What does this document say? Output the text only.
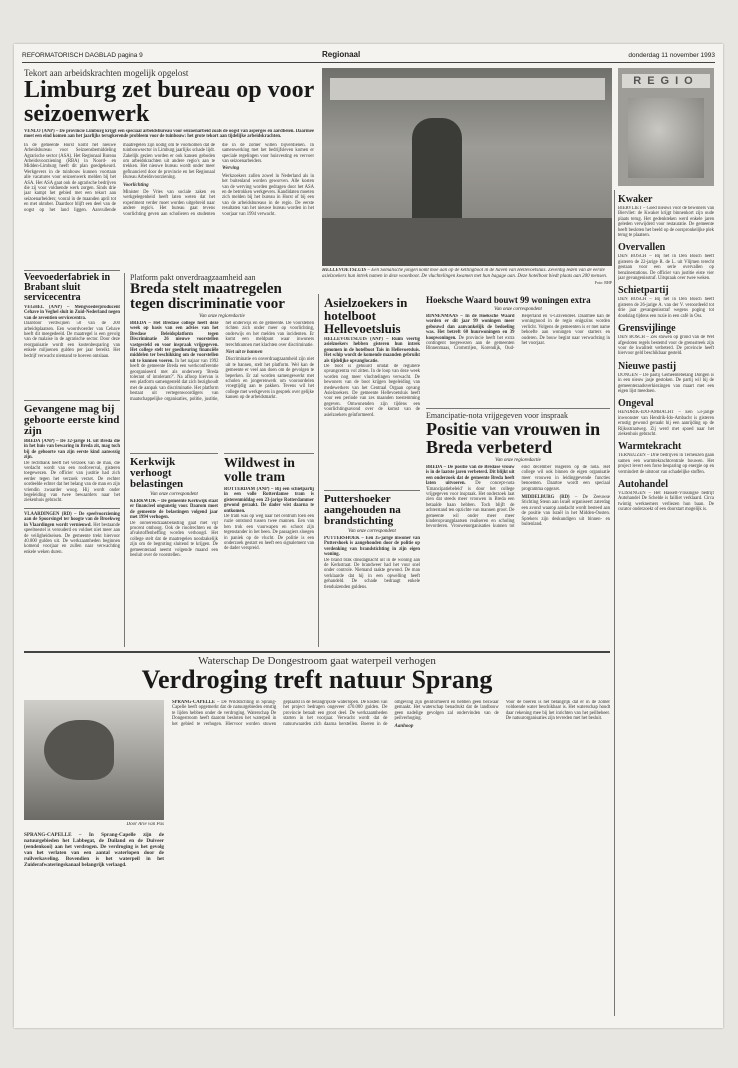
REFORMATORISCH DAGBLAD pagina 9	Regionaal	donderdag 11 november 1993
Tekort aan arbeidskrachten mogelijk opgelost
Limburg zet bureau op voor seizoenwerk
VENLO (ANP) – De provincie Limburg krijgt een speciaal arbeidsbureau voor seizoenarbeid zoals de oogst van asperges en aardbeien. Daarmee moet een eind komen aan het jaarlijks terugkerende probleem voor de tuinbouw: het grote tekort aan tijdelijke arbeidskrachten.
In de gemeente Horst komt het nieuwe Arbeidsbureau voor Seizoensbemiddeling Agrarische sector (ASA). Het Regionaal Bureau Arbeidsvoorziening (RBA) in Noord- en Midden-Limburg heeft dit plan goedgekeurd. Werkgevers in de tuinbouw kunnen voortaan alle vacatures voor seizoenwerk melden bij het ASA. Het ASA gaat ook de agrarische bedrijven die zij voor voldoende werk zorgen. Sinds drie jaar kampt het gebied met een tekort aan seizoenarbeiders; vooral in de maanden april tot en met oktober. Daardoor blijft een deel van de oogst op het land liggen. Aanvullende maatregelen zijn nodig om te voorkomen dat de tuinbouwsector in Limburg jaarlijks schade lijdt. Zakelijk gezien worden er ook kansen geboden om arbeidskrachten uit andere regio's aan te trekken. Het nieuwe bureau wordt onder meer gefinancierd door de provincie en het Regionaal Bureau Arbeidsvoorziening.
Voorlichting
Minister De Vries van sociale zaken en werkgelegenheid heeft laten weten dat het experiment verder moet worden uitgebreid naar andere regio's. Het bureau gaat tevens voorlichting geven aan scholieren en studenten die in de zomer willen bijverdienen. In samenwerking met het bedrijfsleven komen er speciale regelingen voor huisvesting en vervoer van seizoenarbeiders.
Werving
Werkzoekers zullen zowel in Nederland als in het buitenland worden geworven. Alle kosten van de werving worden gedragen door het ASA en de betrokken werkgevers. Kandidaten moeten zich melden bij het bureau in Horst of bij een van de arbeidsbureaus in de regio. De eerste resultaten van het nieuwe bureau worden in het voorjaar van 1994 verwacht.
HELLEVOETSLUIS – Een Somalische jongen komt moe aan op de kettingboot in de haven van Hellevoetsluis. Zeventig leden van de eerste asielzoekers hun intrek namen in deze woonboot. De vluchtelingen kwamen met hun bagage aan. Deze hotelboot biedt plaats aan 200 mensen.
Foto: RHP
REGIO
Kwaker
BIERVLIET – Goed nieuws voor de bewoners van Biervliet: de Kwaker krijgt binnenkort zijn oude plaats terug. Het gedenkteken werd enkele jaren geleden verwijderd voor restauratie. De gemeente heeft besloten het beeld op de oorspronkelijke plek terug te plaatsen.
Overvallen
DEN BOSCH – Bij het in Den Bosch heeft gisteren de 22-jarige R. de L. uit Vlijmen terecht gestaan voor een serie overvallen op benzinestations. De officier van justitie eiste vier jaar gevangenisstraf. Uitspraak over twee weken.
Schietpartij
DEN BOSCH – Bij het in Den Bosch heeft gisteren de 26-jarige A. van der V. veroordeeld tot drie jaar gevangenisstraf wegens poging tot doodslag tijdens een ruzie in een café in Oss.
Grensvijlinge
DEN BOSCH – Zes stuwen op grond van de Wet afgesloten regels bestemd voor de grensstreek zijn voor de kwaliteit verbeterd. De provincie heeft hiervoor geld beschikbaar gesteld.
Nieuwe pastij
DONGEN – De pastij Gemeentebelang Dongen is in een nieuw jasje gestoken. De partij wil bij de gemeenteraadsverkiezingen van maart met een eigen lijst meedoen.
Ongeval
HENDRIK-IDO-AMBACHT – Een 53-jarige inwoonster van Hendrik-Ido-Ambacht is gisteren ernstig gewond geraakt bij een aanrijding op de Rijksstraatweg. Zij werd met spoed naar het ziekenhuis gebracht.
Warmtekracht
TERNEUZEN – Drie bedrijven in Terneuzen gaan samen een warmtekrachtcentrale bouwen. Het project levert een forse besparing op energie op en vermindert de uitstoot van schadelijke stoffen.
Autohandel
VLISSINGEN – Het Hasselt-Vlissingse bedrijf Autohandel De Schelde is failliet verklaard. Circa twintig werknemers verliezen hun baan. De curator onderzoekt of een doorstart mogelijk is.
Veevoederfabriek in Brabant sluit servicecentra
VEGHEL (ANP) – Mengvoederproducent Cehave in Veghel sluit in Zuid-Nederland negen van de zeventien servicecentra.
Daardoor verdwijnen 50 van de 200 arbeidsplaatsen. Een woordvoerder van Cehave heeft dit meegedeeld. De maatregel is een gevolg van de malaise in de agrarische sector. Door deze reorganisatie wordt een kostenbesparing van enkele miljoenen gulden per jaar bereikt. Het bedrijf verwacht niemand te hoeven ontslaan.
Gevangene mag bij geboorte eerste kind zijn
BREDA (ANP) – De 32-jarige H. uit Breda die in het huis van bewaring in Breda zit, mag toch bij de geboorte van zijn eerste kind aanwezig zijn.
De rechtbank heeft het verzoek van de man, die verdacht wordt van een roofoverval, gisteren toegewezen. De officier van justitie had zich eerder tegen het verzoek verzet. De rechter oordeelde echter dat het belang van de man en zijn vriendin zwaarder woog. Hij wordt onder begeleiding van twee bewaarders naar het ziekenhuis gebracht.
VLAARDINGEN (RD) – De speelvoorziening aan de Spoorsingel ter hoogte van de Broekweg in Vlaardingen wordt vernieuwd. Het bestaande speeltoestel is verouderd en voldoet niet meer aan de veiligheidseisen. De gemeente trekt hiervoor 40.000 gulden uit. De werkzaamheden beginnen komend voorjaar en zullen naar verwachting enkele weken duren.
Platform pakt onverdraagzaamheid aan
Breda stelt maatregelen tegen discriminatie voor
Van onze regioredactie
BREDA – Het Bredase college heeft deze week op basis van een advies van het Bredase Beleidsplatform tegen Discriminatie 26 nieuwe voorstellen vastgesteld en voor inspraak vrijgegeven. Het college stelt ter goedkeuring financiële middelen ter beschikking om de voorstellen uit te kunnen voeren. In het najaar van 1992 heeft de gemeente Breda een werkconferentie georganiseerd met als onderwerp 'Breda tolerant of intolerant?'. Na afloop hiervan is een platform samengesteld dat zich bezighoudt met de aanpak van discriminatie. Het platform bestaat uit vertegenwoordigers van maatschappelijke organisaties, politie, justitie, het onderwijs en de gemeente. De voorstellen richten zich onder meer op voorlichting, onderwijs en het melden van incidenten. Er komt een meldpunt waar inwoners terechtkunnen met klachten over discriminatie.
Niet uit te bannen
Discriminatie en onverdraagzaamheid zijn niet uit te bannen, stelt het platform. Wel kan de gemeente er veel aan doen om de gevolgen te beperken. Er zal worden samengewerkt met scholen en jongerenwerk om vooroordelen vroegtijdig aan te pakken. Tevens wil het college met werkgevers in gesprek over gelijke kansen op de arbeidsmarkt.
Kerkwijk verhoogt belastingen
Van onze correspondent
KERKWIJK – De gemeente Kerkwijk staat er financieel ongunstig voor. Daarom moet de gemeente de belastingen volgend jaar met 1994 verhogen.
De onroerendzaakbelasting gaat met vijf procent omhoog. Ook de rioolrechten en de afvalstoffenheffing worden verhoogd. Het college stelt dat de maatregelen noodzakelijk zijn om de begroting sluitend te krijgen. De gemeenteraad neemt volgende maand een besluit over de voorstellen.
Wildwest in volle tram
ROTTERDAM (ANP) – Bij een schietpartij in een volle Rotterdamse tram is gisterenmiddag een 23-jarige Rotterdammer gewond geraakt. De dader wist daarna te ontkomen.
De tram was op weg naar het centrum toen een ruzie ontstond tussen twee mannen. Een van hen trok een vuurwapen en schoot zijn tegenstander in het been. De passagiers sloegen in paniek op de vlucht. De politie is een onderzoek gestart en heeft een signalement van de dader verspreid.
Asielzoekers in hotelboot Hellevoetsluis
HELLEVOETSLUIS (ANP) – Ruim veertig asielzoekers hebben gisteren hun intrek genomen in de hotelboot Tais in Hellevoetsluis. Het schip wordt de komende maanden gebruikt als tijdelijke opvanglocatie.
De boot is gehuurd omdat de reguliere opvangcentra vol zitten. In de loop van deze week worden nog meer vluchtelingen verwacht. De bewoners van de boot krijgen begeleiding van medewerkers van het Centraal Orgaan opvang Asielzoekers. De gemeente Hellevoetsluis heeft voor een periode van zes maanden toestemming gegeven. Omwonenden zijn tijdens een voorlichtingsavond over de komst van de asielzoekers geïnformeerd.
Hoeksche Waard bouwt 99 woningen extra
Van onze correspondent
BINNENMAAS – In de Hoeksche Waard worden er dit jaar 99 woningen meer gebouwd dan aanvankelijk de bedoeling was. Het betreft 60 huurwoningen en 39 koopwoningen. De provincie heeft het extra contingent toegewezen aan de gemeenten Binnenmaas, Cromstrijen, Korendijk, Oud-Beijerland en 's-Gravendeel. Daarmee kan de woningnood in de regio enigszins worden verlicht. Volgens de gemeenten is er met name behoefte aan woningen voor starters en ouderen. De bouw begint naar verwachting in het voorjaar.
Puttershoeker aangehouden na brandstichting
Van onze correspondent
PUTTERSHOEK – Een 35-jarige inwoner van Puttershoek is aangehouden door de politie op verdenking van brandstichting in zijn eigen woning.
De brand brak dinsdagnacht uit in de woning aan de Kerkstraat. De brandweer had het vuur snel onder controle. Niemand raakte gewond. De man verklaarde dat hij in een opwelling heeft gehandeld. De schade bedraagt enkele tienduizenden guldens.
Emancipatie-nota vrijgegeven voor inspraak
Positie van vrouwen in Breda verbeterd
Van onze regioredactie
BREDA – De positie van de Bredase vrouw is in de laatste jaren verbeterd. Dit blijkt uit een onderzoek dat de gemeente Breda heeft laten uitvoeren. De concept-nota 'Emancipatiebeleid' is door het college vrijgegeven voor inspraak. Het onderzoek laat zien dat steeds meer vrouwen in Breda een betaalde baan hebben. Toch blijft de achterstand ten opzichte van mannen groot. De gemeente wil onder meer meer kinderopvangplaatsen realiseren en scholing bevorderen. Vrouwenorganisaties kunnen tot eind december reageren op de nota. Het college wil ook binnen de eigen organisatie meer vrouwen in leidinggevende functies benoemen. Daartoe wordt een speciaal programma opgezet.
MIDDELBURG (RD) – De Zeeuwse Stichting Steun aan Israël organiseert zaterdag een avond waarop aandacht wordt besteed aan de positie van Israël in het Midden-Oosten. Sprekers zijn deskundigen uit binnen- en buitenland.
Waterschap De Dongestroom gaat waterpeil verhogen
Verdroging treft natuur Sprang
Door Arie van Pas
SPRANG-CAPELLE – In Sprang-Capelle zijn de natuurgebieden het Labbegat, de Duiland en de Duiveer (eendenkooi) aan het verdrogen. De verdroging is het gevolg van het verlaten van een aantal waterlopen door de ruilverkaveling. Bovendien is het waterpeil in het Zuiderafwateringskanaal belangrijk verlaagd.
SPRANG-CAPELLE – De Wildstichting in Sprang-Capelle heeft opgemerkt dat de natuurgebieden ernstig te lijden hebben onder de verdroging. Waterschap De Dongestroom heeft daarom besloten het waterpeil in het gebied te verhogen. Hiervoor worden stuwen geplaatst in de belangrijkste waterlopen. De kosten van het project bedragen ongeveer 470.000 gulden. De provincie betaalt een groot deel. De werkzaamheden starten in het voorjaar. Verwacht wordt dat de natuurwaarden zich daarna herstellen. Boeren in de omgeving zijn geïnformeerd en hebben geen bezwaar gemaakt. Het waterschap benadrukt dat de landbouw geen nadelige gevolgen zal ondervinden van de peilverhoging.
Aanhoop
Voor de boeren is het belangrijk dat er in de zomer voldoende water beschikbaar is. Het waterschap houdt daar rekening mee bij het inrichten van het peilbeheer. De natuurorganisaties zijn tevreden met het besluit.
